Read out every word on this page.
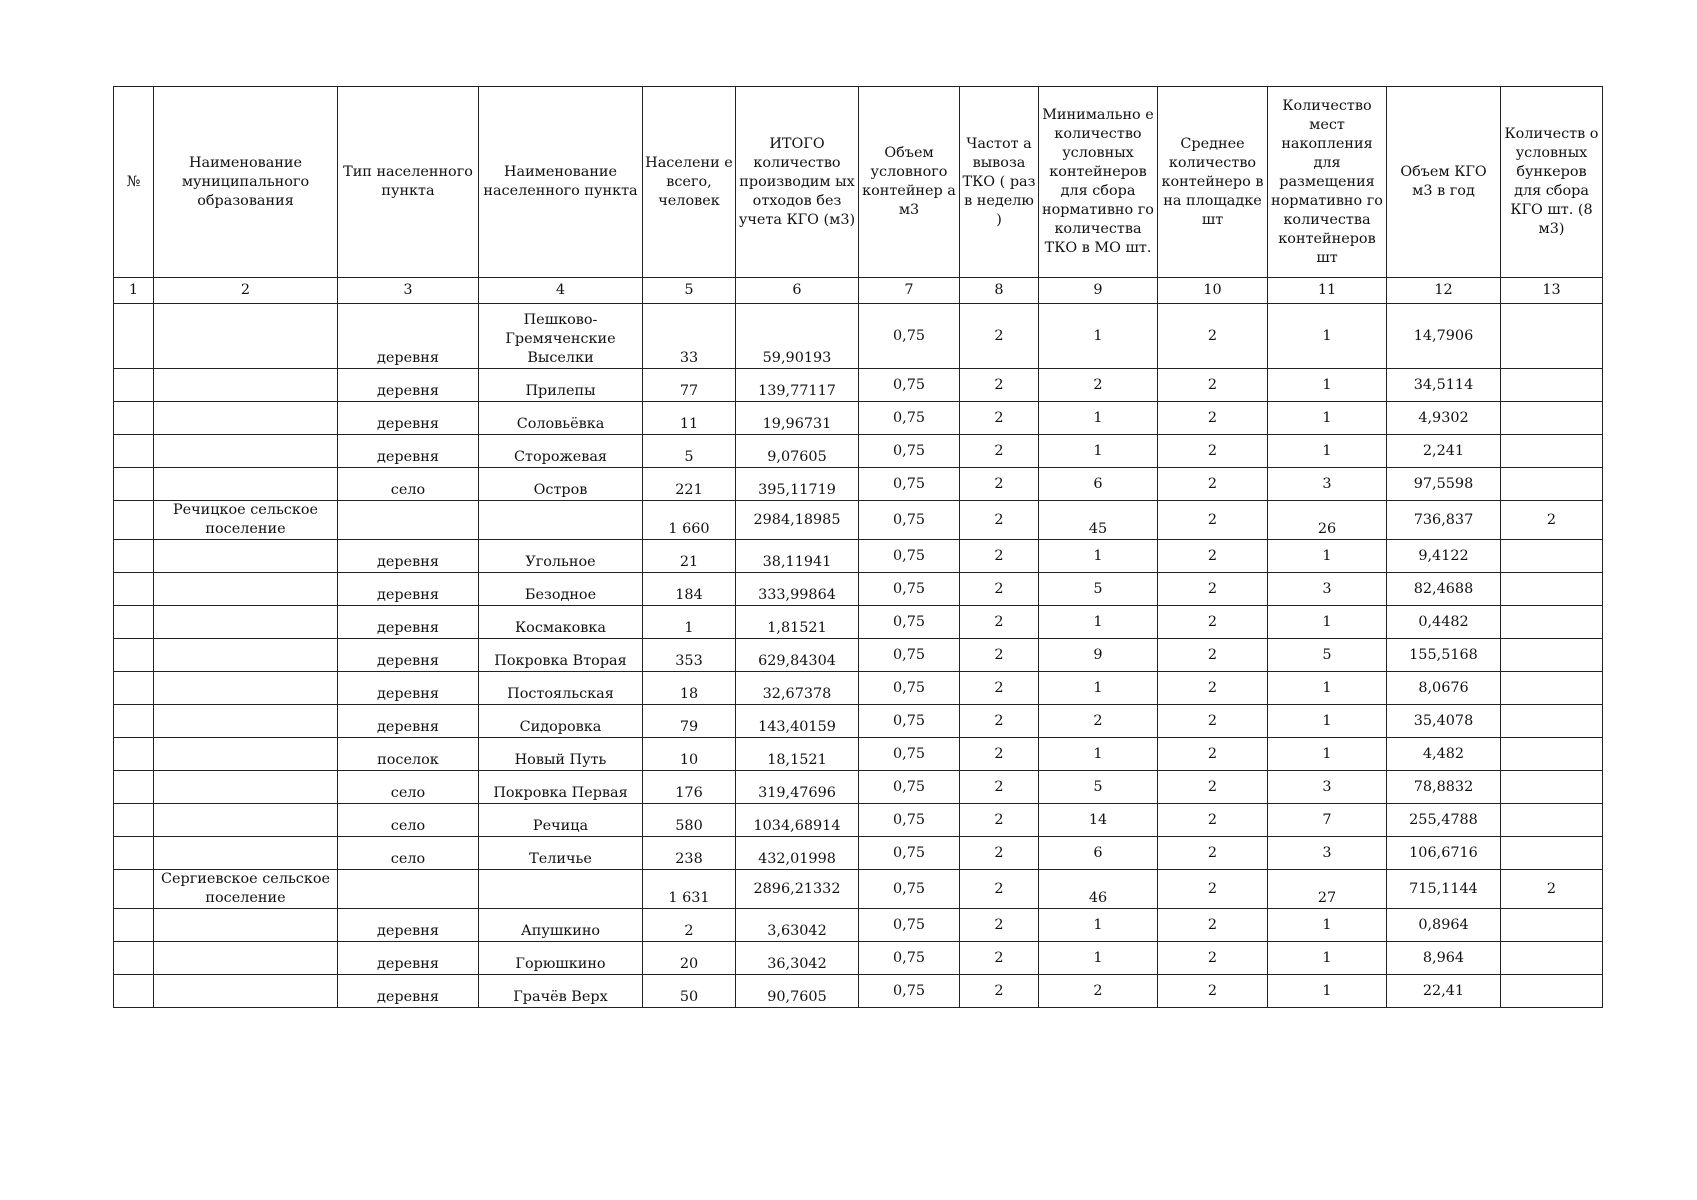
№	Наименование муниципального образования	Тип населенного пункта	Наименование населенного пункта	Населени е всего, человек	ИТОГО количество производим ых отходов без учета КГО (м3)	Объем условного контейнер а м3	Частот а вывоза ТКО ( раз в неделю )	Минимально е количество условных контейнеров для сбора нормативно го количества ТКО в МО шт.	Среднее количество контейнеро в на площадке шт	Количество мест накопления для размещения нормативно го количества контейнеров шт	Объем КГО м3 в год	Количеств о условных бункеров для сбора КГО шт. (8 м3)
1	2	3	4	5	6	7	8	9	10	11	12	13
		деревня	Пешково-Гремяченские Выселки	33	59,90193	0,75	2	1	2	1	14,7906	
		деревня	Прилепы	77	139,77117	0,75	2	2	2	1	34,5114	
		деревня	Соловьёвка	11	19,96731	0,75	2	1	2	1	4,9302	
		деревня	Сторожевая	5	9,07605	0,75	2	1	2	1	2,241	
		село	Остров	221	395,11719	0,75	2	6	2	3	97,5598	
	Речицкое сельское поселение			1 660	2984,18985	0,75	2	45	2	26	736,837	2
		деревня	Угольное	21	38,11941	0,75	2	1	2	1	9,4122	
		деревня	Безодное	184	333,99864	0,75	2	5	2	3	82,4688	
		деревня	Космаковка	1	1,81521	0,75	2	1	2	1	0,4482	
		деревня	Покровка Вторая	353	629,84304	0,75	2	9	2	5	155,5168	
		деревня	Постояльская	18	32,67378	0,75	2	1	2	1	8,0676	
		деревня	Сидоровка	79	143,40159	0,75	2	2	2	1	35,4078	
		поселок	Новый Путь	10	18,1521	0,75	2	1	2	1	4,482	
		село	Покровка Первая	176	319,47696	0,75	2	5	2	3	78,8832	
		село	Речица	580	1034,68914	0,75	2	14	2	7	255,4788	
		село	Теличье	238	432,01998	0,75	2	6	2	3	106,6716	
	Сергиевское сельское поселение			1 631	2896,21332	0,75	2	46	2	27	715,1144	2
		деревня	Апушкино	2	3,63042	0,75	2	1	2	1	0,8964	
		деревня	Горюшкино	20	36,3042	0,75	2	1	2	1	8,964	
		деревня	Грачёв Верх	50	90,7605	0,75	2	2	2	1	22,41	
